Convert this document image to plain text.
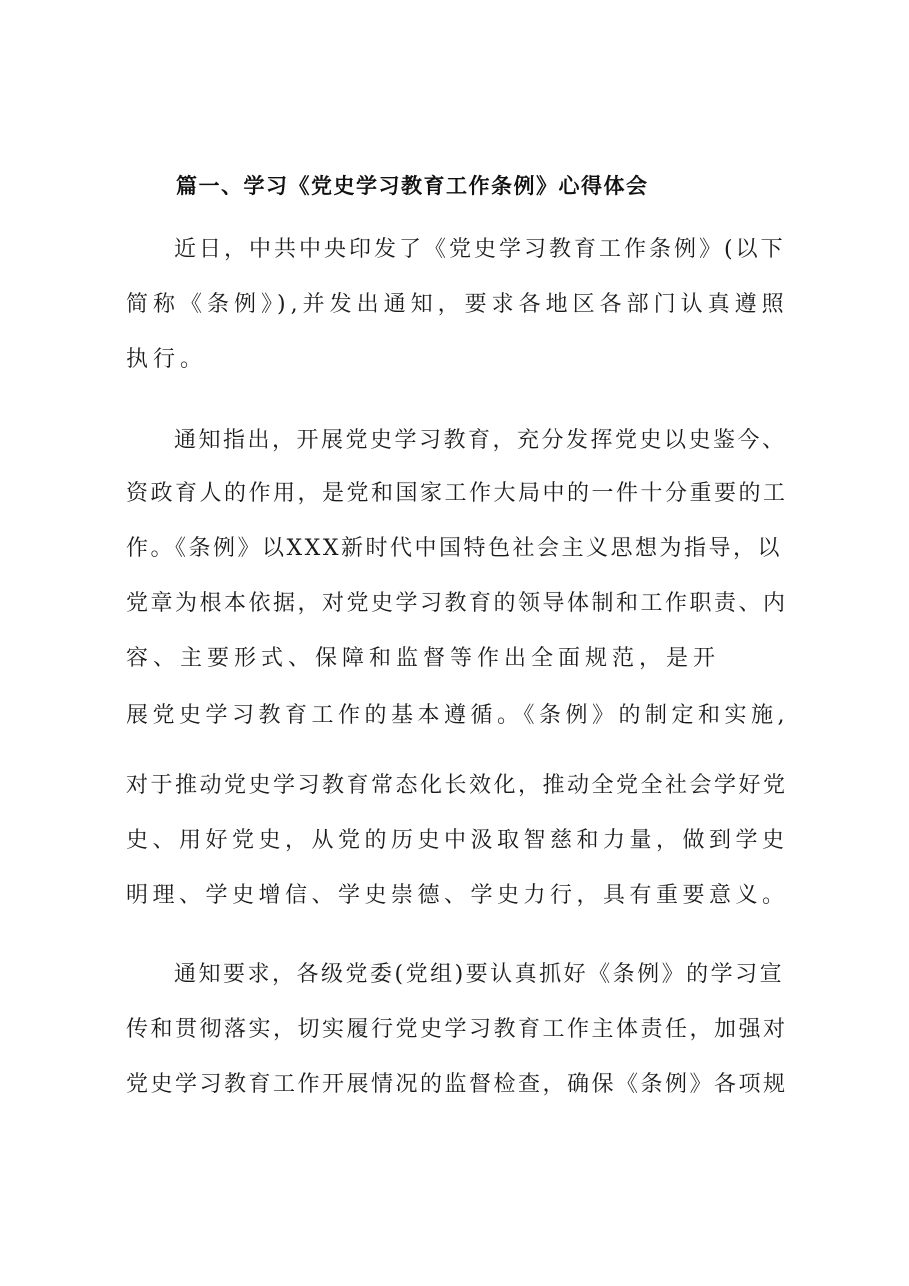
篇一、学习《党史学习教育工作条例》心得体会
近日，中共中央印发了《党史学习教育工作条例》(以下
简称《条例》),并发出通知，要求各地区各部门认真遵照
执行。
通知指出，开展党史学习教育，充分发挥党史以史鉴今、
资政育人的作用，是党和国家工作大局中的一件十分重要的工
作。《条例》以XXX新时代中国特色社会主义思想为指导，以
党章为根本依据，对党史学习教育的领导体制和工作职责、内
容、主要形式、保障和监督等作出全面规范，是开
展党史学习教育工作的基本遵循。《条例》的制定和实施,
对于推动党史学习教育常态化长效化，推动全党全社会学好党
史、用好党史，从党的历史中汲取智慈和力量，做到学史
明理、学史增信、学史崇德、学史力行，具有重要意义。
通知要求，各级党委(党组)要认真抓好《条例》的学习宣
传和贯彻落实，切实履行党史学习教育工作主体责任，加强对
党史学习教育工作开展情况的监督检查，确保《条例》各项规
